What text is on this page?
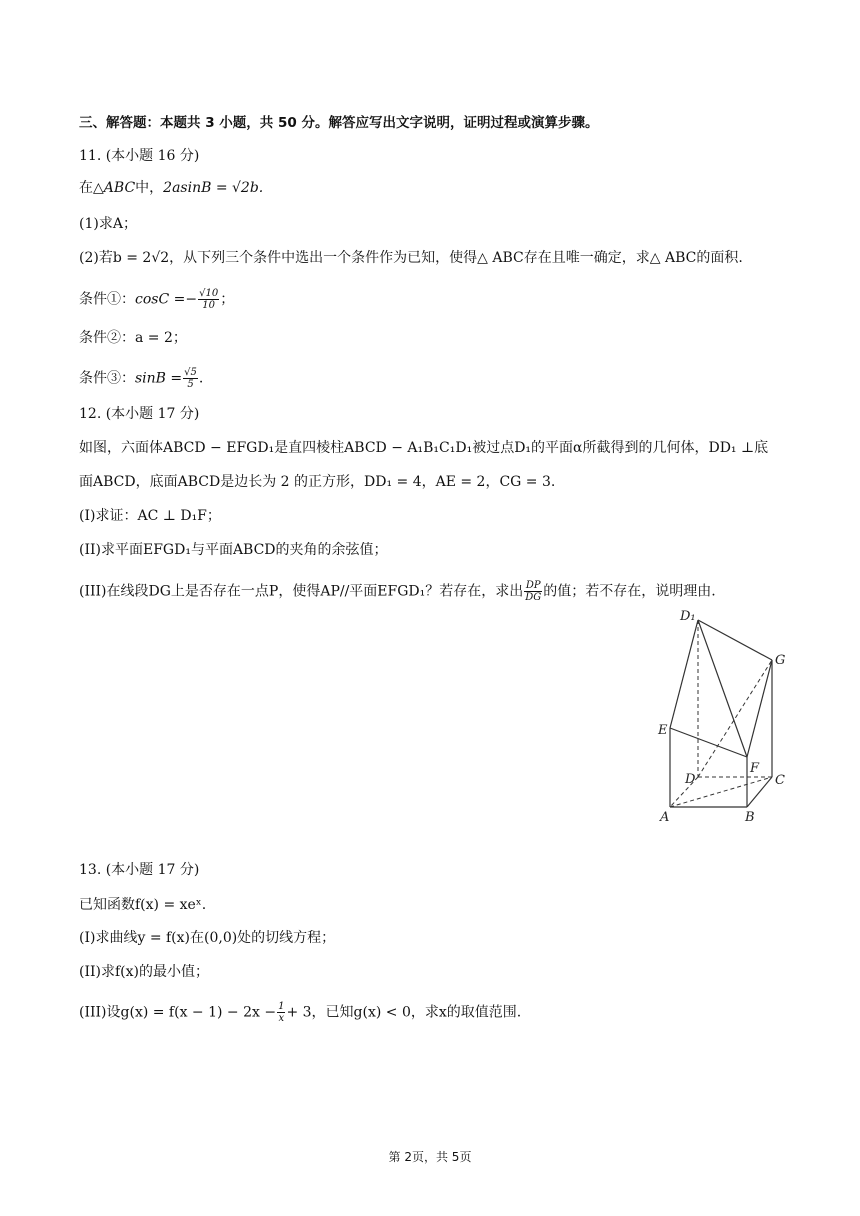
三、解答题：本题共 3 小题，共 50 分。解答应写出文字说明，证明过程或演算步骤。
11. (本小题 16 分)
在△ABC中，2asinB = √2b.
(1)求A；
(2)若b = 2√2，从下列三个条件中选出一个条件作为已知，使得△ ABC存在且唯一确定，求△ ABC的面积.
条件①：$\cos C =- \frac{√10}{10}$ ；
条件②：a = 2；
条件③：$\sin B = \frac{√5}{5}$ .
12. (本小题 17 分)
如图，六面体ABCD − EFGD₁是直四棱柱ABCD − A₁B₁C₁D₁被过点D₁的平面α所截得到的几何体，DD₁ ⊥底
面ABCD，底面ABCD是边长为 2 的正方形，DD₁ = 4，AE = 2，CG = 3.
(I)求证：AC ⊥ D₁F；
(II)求平面EFGD₁与平面ABCD的夹角的余弦值；
(III)在线段DG上是否存在一点P，使得AP//平面EFGD₁？若存在，求出 $\frac{DP}{DG}$ 的值；若不存在，说明理由.
D₁
G
E
F
D	C
A	B
13. (本小题 17 分)
已知函数f(x) = xeˣ.
(I)求曲线y = f(x)在(0,0)处的切线方程；
(II)求f(x)的最小值；
(III)设$g(x) = f(x - 1) - 2x - \frac{1}{x} + 3$，已知g(x) < 0，求x的取值范围.
第 2页，共 5页
